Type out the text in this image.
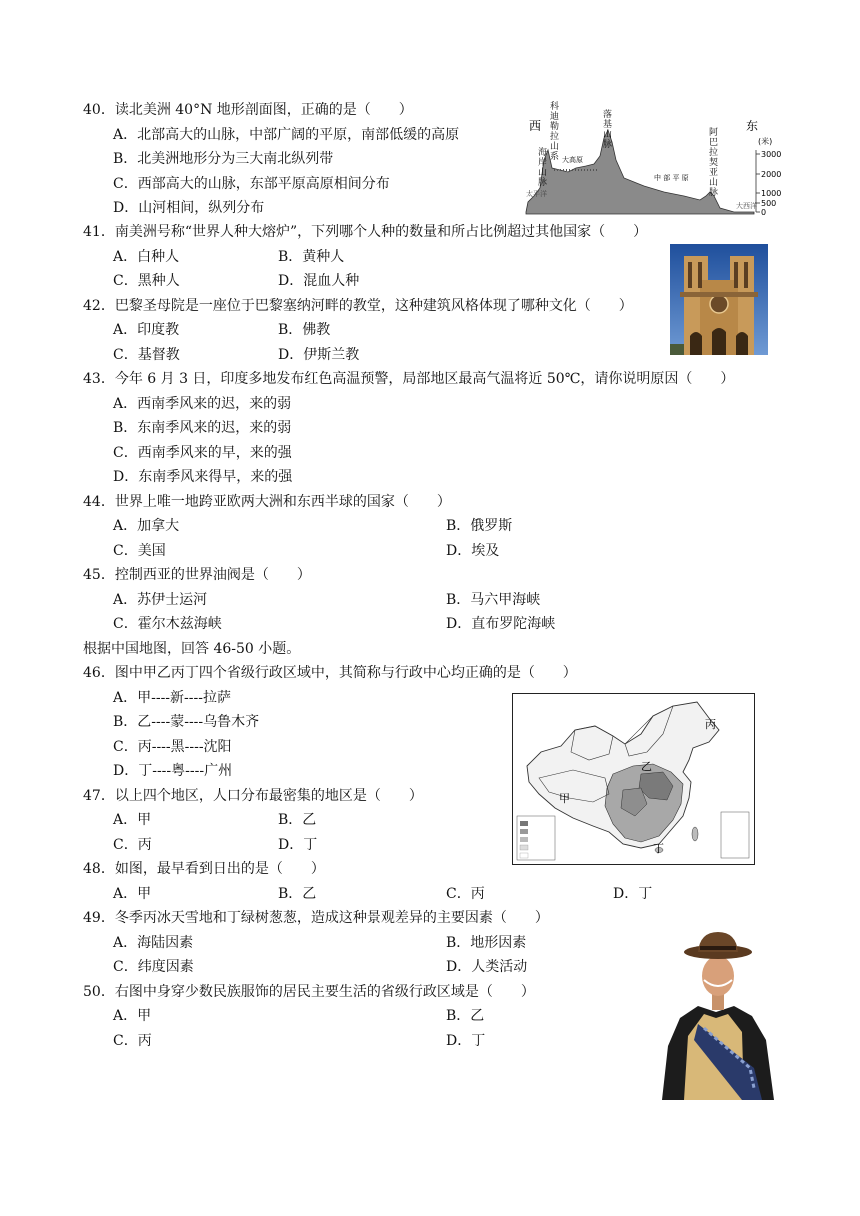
40．读北美洲 40°N 地形剖面图，正确的是（　　）
A．北部高大的山脉，中部广阔的平原，南部低缓的高原
B．北美洲地形分为三大南北纵列带
C．西部高大的山脉，东部平原高原相间分布
D．山河相间，纵列分布
西	东
(米)
3000
2000
1000
500
0
太平洋
大西洋
中 部 平 原
大高原
科迪勒拉山系
海岸山脉
落基山脉
阿巴拉契亚山脉
41．南美洲号称“世界人种大熔炉”，下列哪个人种的数量和所占比例超过其他国家（　　）
A．白种人	B．黄种人
C．黑种人	D．混血人种
42．巴黎圣母院是一座位于巴黎塞纳河畔的教堂，这种建筑风格体现了哪种文化（　　）
A．印度教	B．佛教
C．基督教	D．伊斯兰教
43．今年 6 月 3 日，印度多地发布红色高温预警，局部地区最高气温将近 50℃，请你说明原因（　　）
A．西南季风来的迟，来的弱
B．东南季风来的迟，来的弱
C．西南季风来的早，来的强
D．东南季风来得早，来的强
44．世界上唯一地跨亚欧两大洲和东西半球的国家（　　）
A．加拿大	B．俄罗斯
C．美国	D．埃及
45．控制西亚的世界油阀是（　　）
A．苏伊士运河	B．马六甲海峡
C．霍尔木兹海峡	D．直布罗陀海峡
根据中国地图，回答 46-50 小题。
46．图中甲乙丙丁四个省级行政区域中，其简称与行政中心均正确的是（　　）
A．甲----新----拉萨
B．乙----蒙----乌鲁木齐
C．丙----黑----沈阳
D．丁----粤----广州
甲
乙
丙
丁
47．以上四个地区，人口分布最密集的地区是（　　）
A．甲	B．乙
C．丙	D．丁
48．如图，最早看到日出的是（　　）
A．甲	B．乙	C．丙	D．丁
49．冬季丙冰天雪地和丁绿树葱葱，造成这种景观差异的主要因素（　　）
A．海陆因素	B．地形因素
C．纬度因素	D．人类活动
50．右图中身穿少数民族服饰的居民主要生活的省级行政区域是（　　）
A．甲	B．乙
C．丙	D．丁
